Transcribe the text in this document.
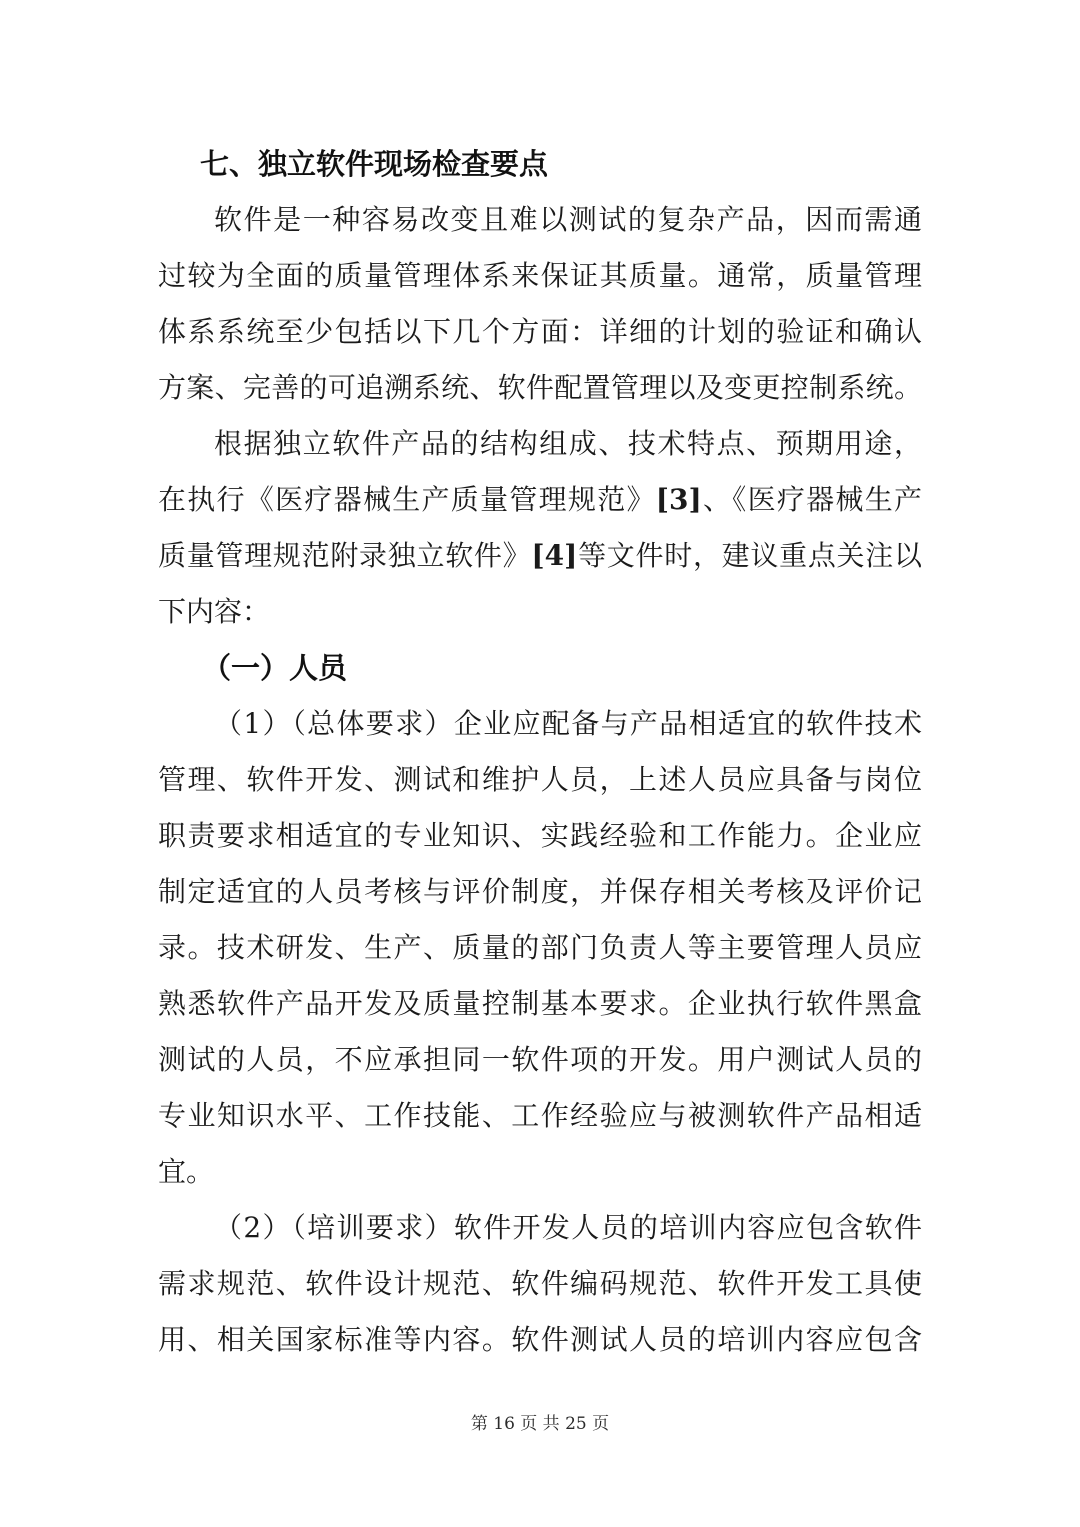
七、独立软件现场检查要点
软件是一种容易改变且难以测试的复杂产品，因而需通
过较为全面的质量管理体系来保证其质量。通常，质量管理
体系系统至少包括以下几个方面：详细的计划的验证和确认
方案、完善的可追溯系统、软件配置管理以及变更控制系统。
根据独立软件产品的结构组成、技术特点、预期用途，
在执行《医疗器械生产质量管理规范》[3]、《医疗器械生产
质量管理规范附录独立软件》[4]等文件时，建议重点关注以
下内容：
（一）人员
（1）（总体要求）企业应配备与产品相适宜的软件技术
管理、软件开发、测试和维护人员，上述人员应具备与岗位
职责要求相适宜的专业知识、实践经验和工作能力。企业应
制定适宜的人员考核与评价制度，并保存相关考核及评价记
录。技术研发、生产、质量的部门负责人等主要管理人员应
熟悉软件产品开发及质量控制基本要求。企业执行软件黑盒
测试的人员，不应承担同一软件项的开发。用户测试人员的
专业知识水平、工作技能、工作经验应与被测软件产品相适
宜。
（2）（培训要求）软件开发人员的培训内容应包含软件
需求规范、软件设计规范、软件编码规范、软件开发工具使
用、相关国家标准等内容。软件测试人员的培训内容应包含
第 16 页 共 25 页
